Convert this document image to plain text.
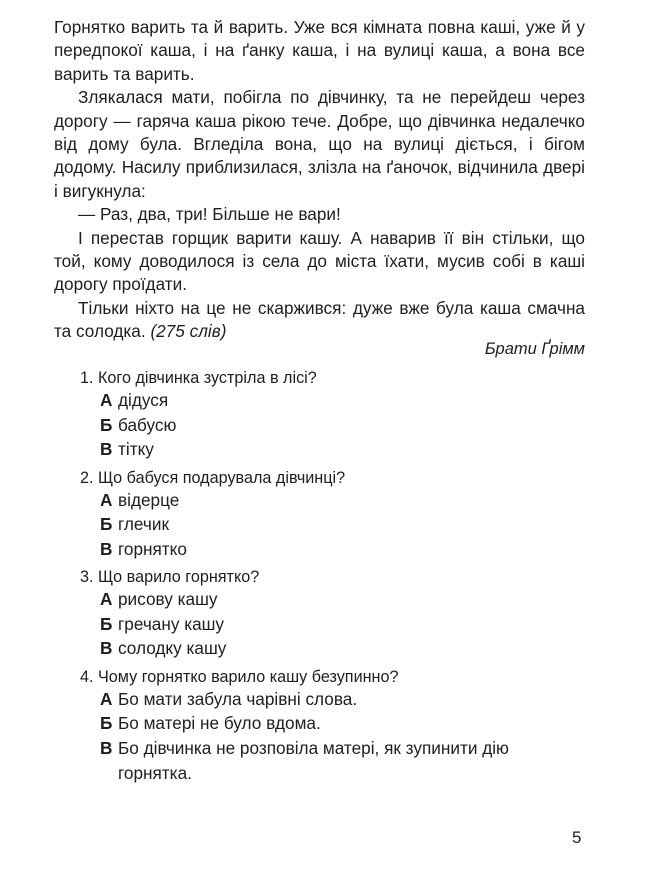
Горнятко варить та й варить. Уже вся кімната повна каші, уже й у передпокої каша, і на ґанку каша, і на вулиці каша, а вона все варить та варить.

Злякалася мати, побігла по дівчинку, та не перейдеш через дорогу — гаряча каша рікою тече. Добре, що дівчинка недалечко від дому була. Вгледіла вона, що на вулиці діється, і бігом додому. Насилу приблизилася, злізла на ґаночок, відчинила двері і вигукнула:

— Раз, два, три! Більше не вари!

І перестав горщик варити кашу. А наварив її він стільки, що той, кому доводилося із села до міста їхати, мусив собі в каші дорогу проїдати.

Тільки ніхто на це не скаржився: дуже вже була каша смачна та солодка. (275 слів)

Брати Ґрімм

1. Кого дівчинка зустріла в лісі?

А дідуся
Б бабусю
В тітку

2. Що бабуся подарувала дівчинці?

А відерце
Б глечик
В горнятко

3. Що варило горнятко?

А рисову кашу
Б гречану кашу
В солодку кашу

4. Чому горнятко варило кашу безупинно?

А Бо мати забула чарівні слова.
Б Бо матері не було вдома.
В Бо дівчинка не розповіла матері, як зупинити дію горнятка.
5
